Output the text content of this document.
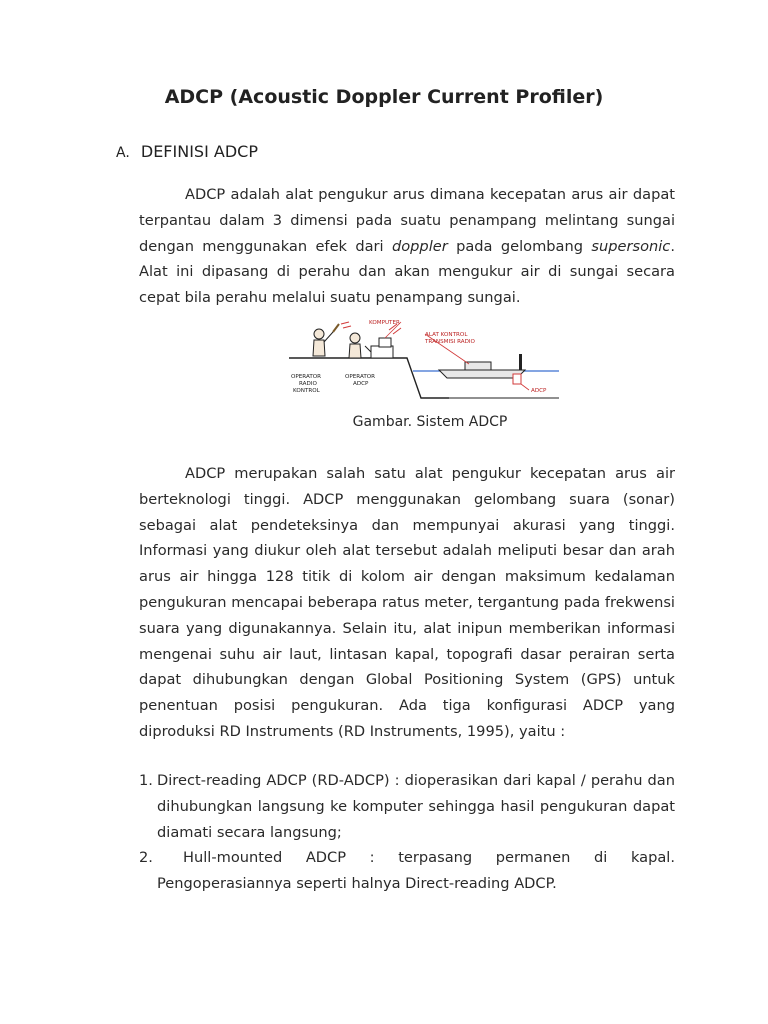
ADCP (Acoustic Doppler Current Profiler)
A. DEFINISI ADCP

ADCP adalah alat pengukur arus dimana kecepatan arus air dapat terpantau dalam 3 dimensi pada suatu penampang melintang sungai dengan menggunakan efek dari doppler pada gelombang supersonic. Alat ini dipasang di perahu dan akan mengukur air di sungai secara cepat bila perahu melalui suatu penampang sungai.

KOMPUTER
ALAT KONTROL
TRANSMISI RADIO
ADCP
OPERATOR
RADIO
KONTROL
OPERATOR
ADCP

Gambar. Sistem ADCP

ADCP merupakan salah satu alat pengukur kecepatan arus air berteknologi tinggi. ADCP menggunakan gelombang suara (sonar) sebagai alat pendeteksinya dan mempunyai akurasi yang tinggi. Informasi yang diukur oleh alat tersebut adalah meliputi besar dan arah arus air hingga 128 titik di kolom air dengan maksimum kedalaman pengukuran mencapai beberapa ratus meter, tergantung pada frekwensi suara yang digunakannya. Selain itu, alat inipun memberikan informasi mengenai suhu air laut, lintasan kapal, topografi dasar perairan serta dapat dihubungkan dengan Global Positioning System (GPS) untuk penentuan posisi pengukuran. Ada tiga konfigurasi ADCP yang diproduksi RD Instruments (RD Instruments, 1995), yaitu :

1. Direct-reading ADCP (RD-ADCP) : dioperasikan dari kapal / perahu dan dihubungkan langsung ke komputer sehingga hasil pengukuran dapat diamati secara langsung;
2. Hull-mounted ADCP : terpasang permanen di kapal. Pengoperasiannya seperti halnya Direct-reading ADCP.
